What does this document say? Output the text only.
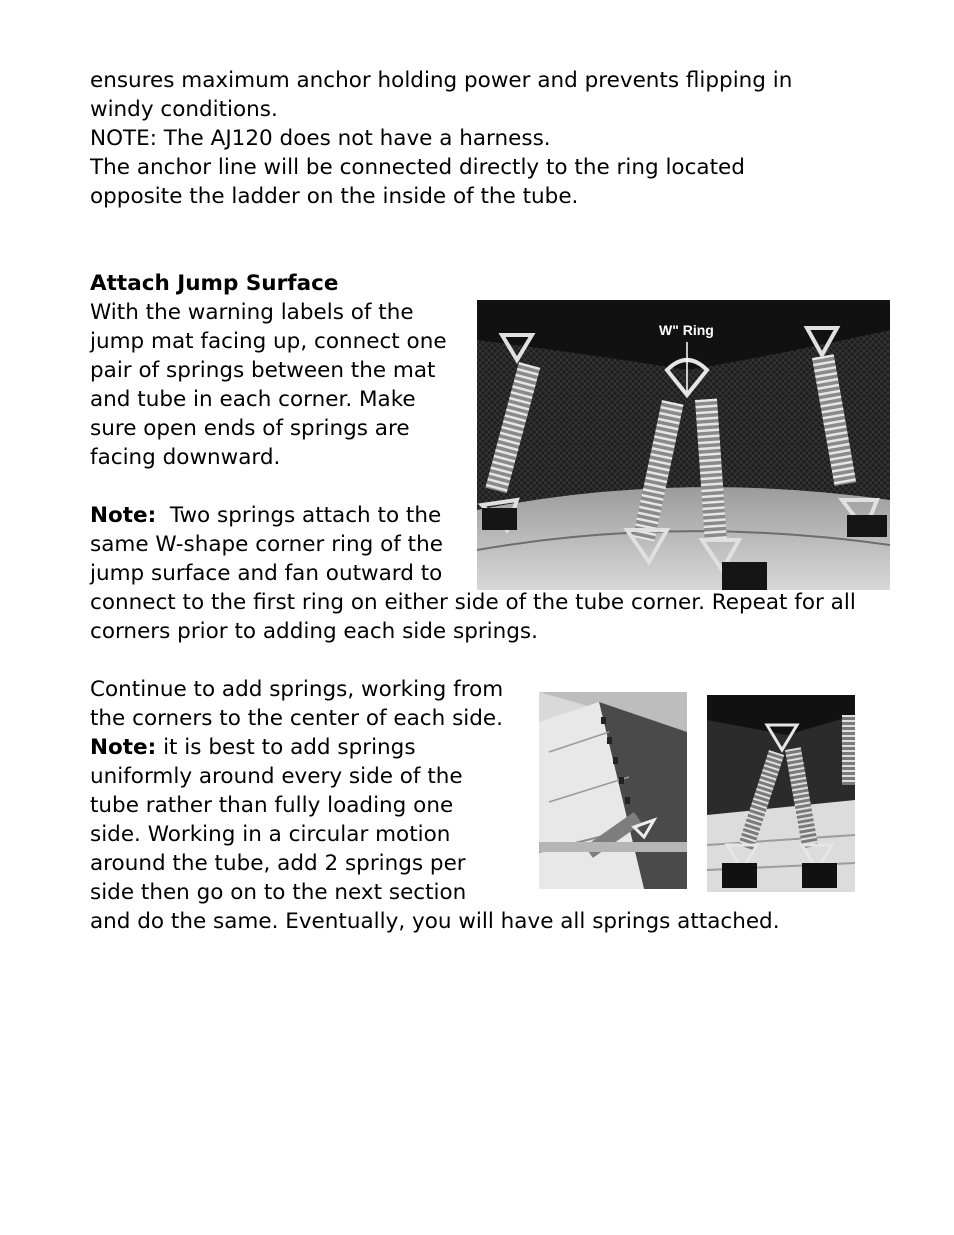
ensures maximum anchor holding power and prevents flipping in
windy conditions.
NOTE: The AJ120 does not have a harness.
The anchor line will be connected directly to the ring located
opposite the ladder on the inside of the tube.
Attach Jump Surface
With the warning labels of the
jump mat facing up, connect one
pair of springs between the mat
and tube in each corner. Make
sure open ends of springs are
facing downward.
Note:  Two springs attach to the
same W-shape corner ring of the
jump surface and fan outward to
connect to the first ring on either side of the tube corner. Repeat for all
corners prior to adding each side springs.
Continue to add springs, working from
the corners to the center of each side.
Note: it is best to add springs
uniformly around every side of the
tube rather than fully loading one
side. Working in a circular motion
around the tube, add 2 springs per
side then go on to the next section
and do the same. Eventually, you will have all springs attached.
W" Ring
